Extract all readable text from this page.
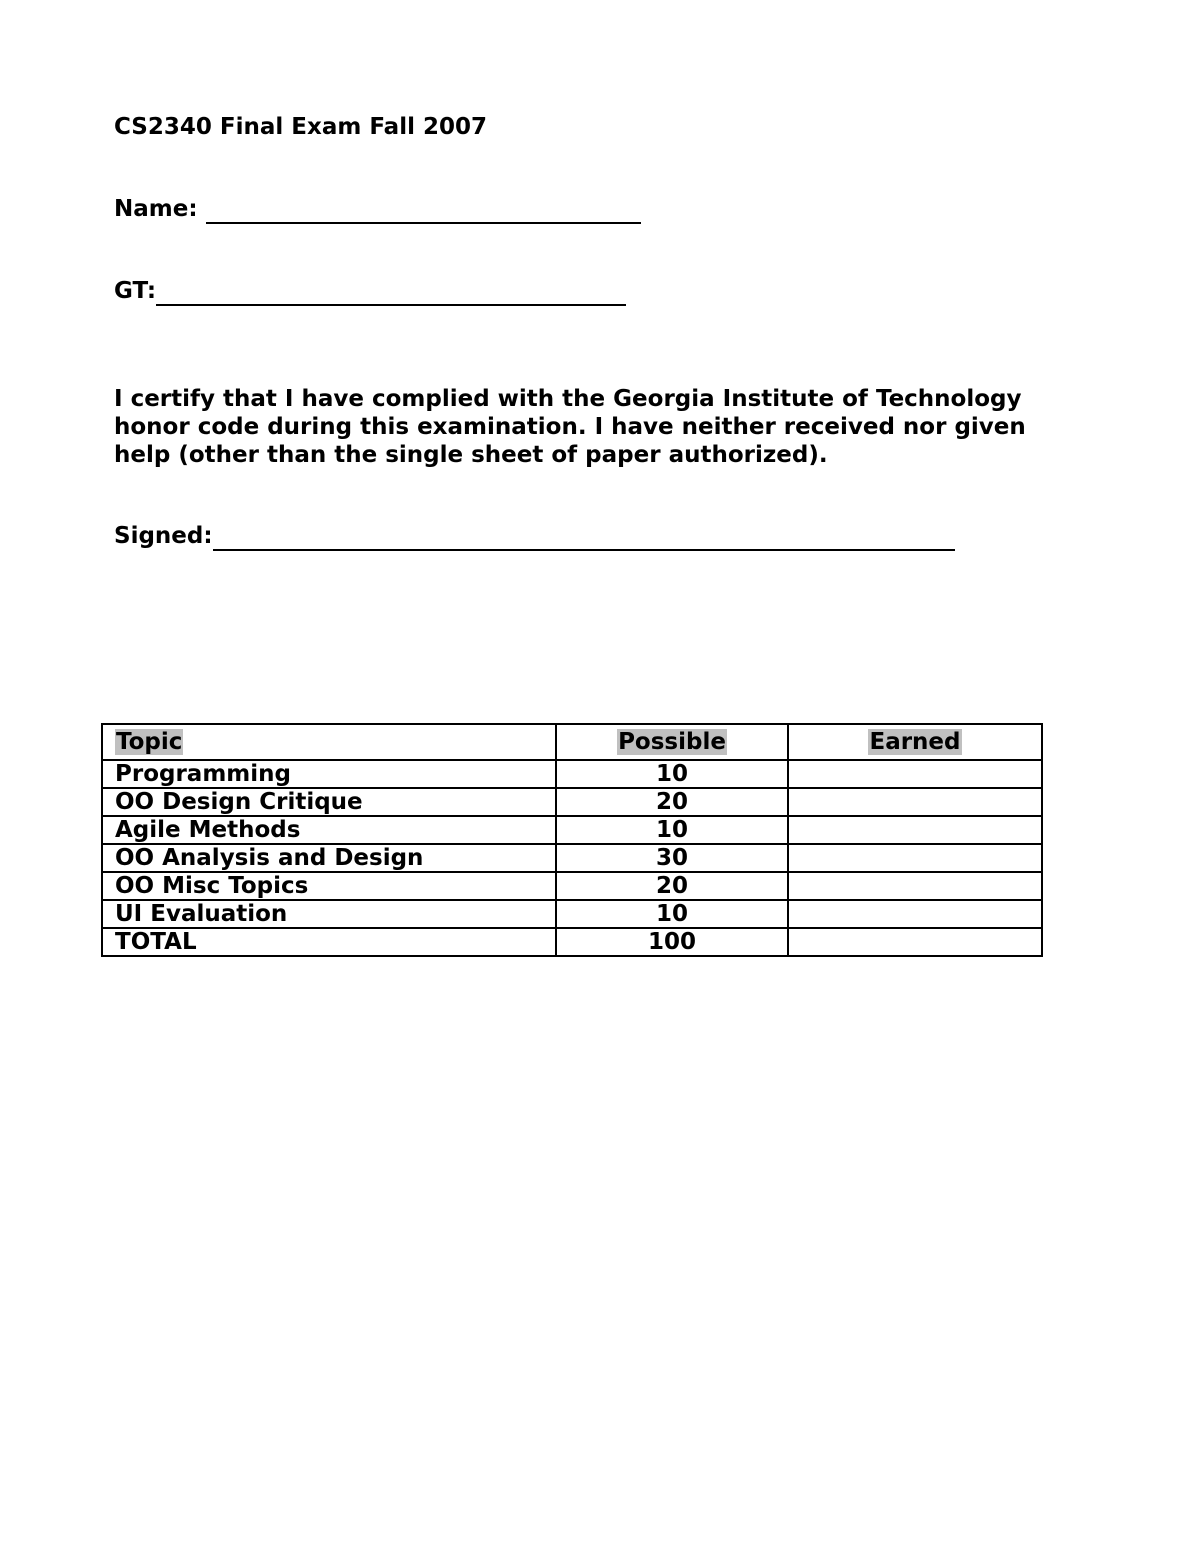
CS2340 Final Exam Fall 2007
Name:
GT:
I certify that I have complied with the Georgia Institute of Technology
honor code during this examination. I have neither received nor given
help (other than the single sheet of paper authorized).
Signed:
Topic	Possible	Earned
Programming	10	
OO Design Critique	20	
Agile Methods	10	
OO Analysis and Design	30	
OO Misc Topics	20	
UI Evaluation	10	
TOTAL	100	
